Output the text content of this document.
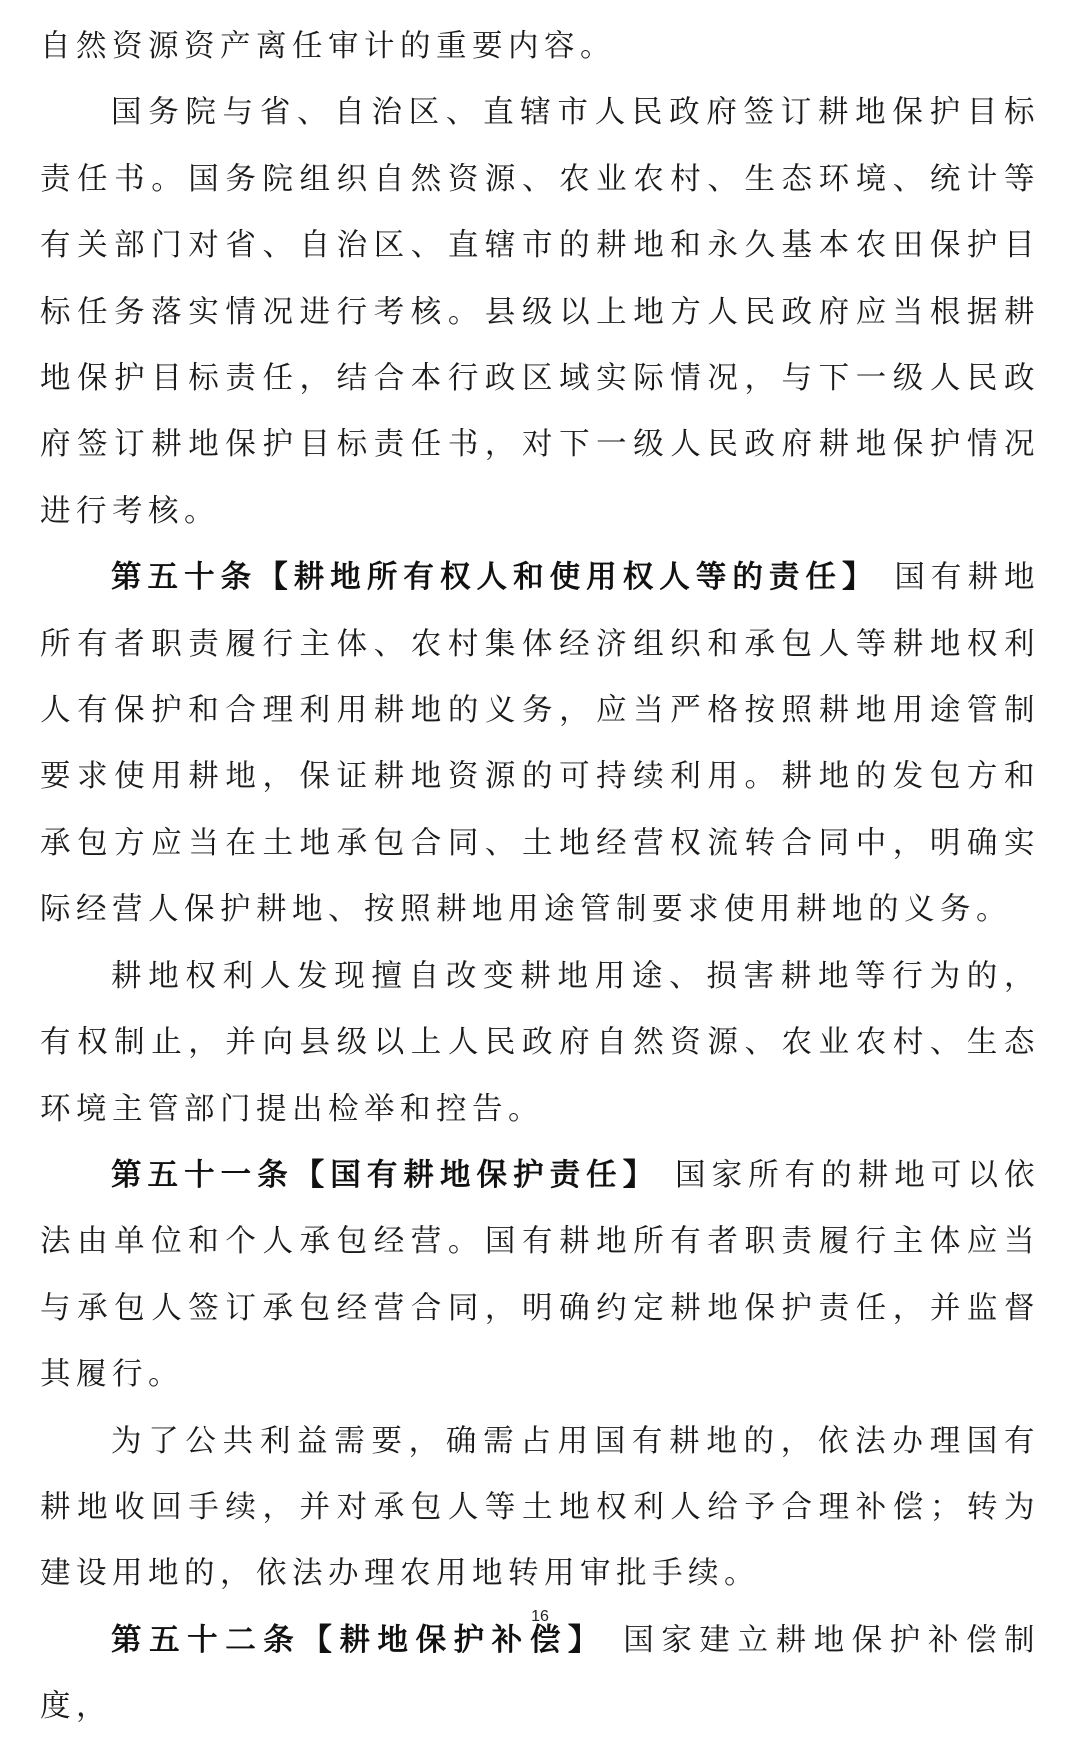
自然资源资产离任审计的重要内容。

国务院与省、自治区、直辖市人民政府签订耕地保护目标责任书。国务院组织自然资源、农业农村、生态环境、统计等有关部门对省、自治区、直辖市的耕地和永久基本农田保护目标任务落实情况进行考核。县级以上地方人民政府应当根据耕地保护目标责任，结合本行政区域实际情况，与下一级人民政府签订耕地保护目标责任书，对下一级人民政府耕地保护情况进行考核。

第五十条【耕地所有权人和使用权人等的责任】 国有耕地所有者职责履行主体、农村集体经济组织和承包人等耕地权利人有保护和合理利用耕地的义务，应当严格按照耕地用途管制要求使用耕地，保证耕地资源的可持续利用。耕地的发包方和承包方应当在土地承包合同、土地经营权流转合同中，明确实际经营人保护耕地、按照耕地用途管制要求使用耕地的义务。

耕地权利人发现擅自改变耕地用途、损害耕地等行为的，有权制止，并向县级以上人民政府自然资源、农业农村、生态环境主管部门提出检举和控告。

第五十一条【国有耕地保护责任】 国家所有的耕地可以依法由单位和个人承包经营。国有耕地所有者职责履行主体应当与承包人签订承包经营合同，明确约定耕地保护责任，并监督其履行。

为了公共利益需要，确需占用国有耕地的，依法办理国有耕地收回手续，并对承包人等土地权利人给予合理补偿；转为建设用地的，依法办理农用地转用审批手续。

第五十二条【耕地保护补偿】 国家建立耕地保护补偿制度，

16
